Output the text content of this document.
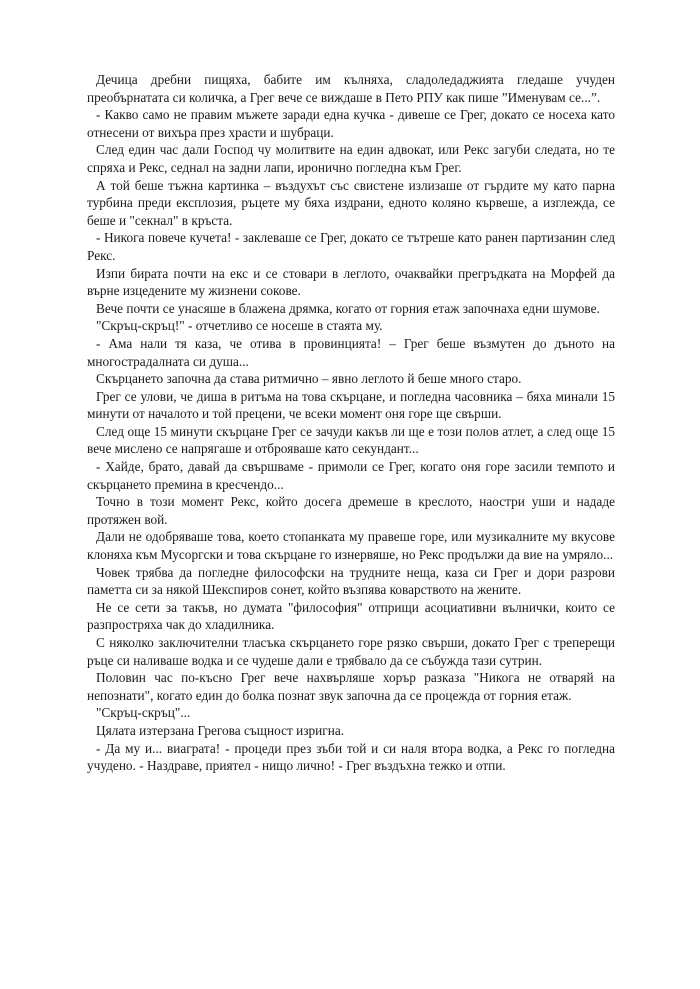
Дечица дребни пищяха, бабите им кълняха, сладоледаджията гледаше учуден преобърнатата си количка, а Грег вече се виждаше в Пето РПУ как пише ”Именувам се...”.

- Какво само не правим мъжете заради една кучка - дивеше се Грег, докато се носеха като отнесени от вихъра през храсти и шубраци.

След един час дали Господ чу молитвите на един адвокат, или Рекс загуби следата, но те спряха и Рекс, седнал на задни лапи, иронично погледна към Грег.

А той беше тъжна картинка – въздухът със свистене излизаше от гърдите му като парна турбина преди експлозия, ръцете му бяха издрани, едното коляно кървеше, а изглежда, се беше и "секнал" в кръста.

- Никога повече кучета! - заклеваше се Грег, докато се тътреше като ранен партизанин след Рекс.

Изпи бирата почти на екс и се стовари в леглото, очаквайки прегръдката на Морфей да върне изцедените му жизнени сокове.

Вече почти се унасяше в блажена дрямка, когато от горния етаж започнаха едни шумове.

"Скръц-скръц!" - отчетливо се носеше в стаята му.

- Ама нали тя каза, че отива в провинцията! – Грег беше възмутен до дъното на многострадалната си душа...

Скърцането започна да става ритмично – явно леглото й беше много старо.

Грег се улови, че диша в ритъма на това скърцане, и погледна часовника – бяха минали 15 минути от началото и той прецени, че всеки момент оня горе ще свърши.

След още 15 минути скърцане Грег се зачуди какъв ли ще е този полов атлет, а след още 15 вече мислено се напрягаше и отброяваше като секундант...

- Хайде, брато, давай да свършваме - примоли се Грег, когато оня горе засили темпото и скърцането премина в кресчендо...

Точно в този момент Рекс, който досега дремеше в креслото, наостри уши и нададе протяжен вой.

Дали не одобряваше това, което стопанката му правеше горе, или музикалните му вкусове клоняха към Мусоргски и това скърцане го изнервяше, но Рекс продължи да вие на умряло...

Човек трябва да погледне философски на трудните неща, каза си Грег и дори разрови паметта си за някой Шекспиров сонет, който възпява коварството на жените.

Не се сети за такъв, но думата "философия" отприщи асоциативни вълнички, които се разпростряха чак до хладилника.

С няколко заключителни тласъка скърцането горе рязко свърши, докато Грег с треперещи ръце си наливаше водка и се чудеше дали е трябвало да се събужда тази сутрин.

Половин час по-късно Грег вече нахвърляше хорър разказа "Никога не отваряй на непознати", когато един до болка познат звук започна да се процежда от горния етаж.

"Скръц-скръц"...

Цялата изтерзана Грегова същност изригна.

- Да му и... виаграта! - процеди през зъби той и си наля втора водка, а Рекс го погледна учудено. - Наздраве, приятел - нищо лично! - Грег въздъхна тежко и отпи.
